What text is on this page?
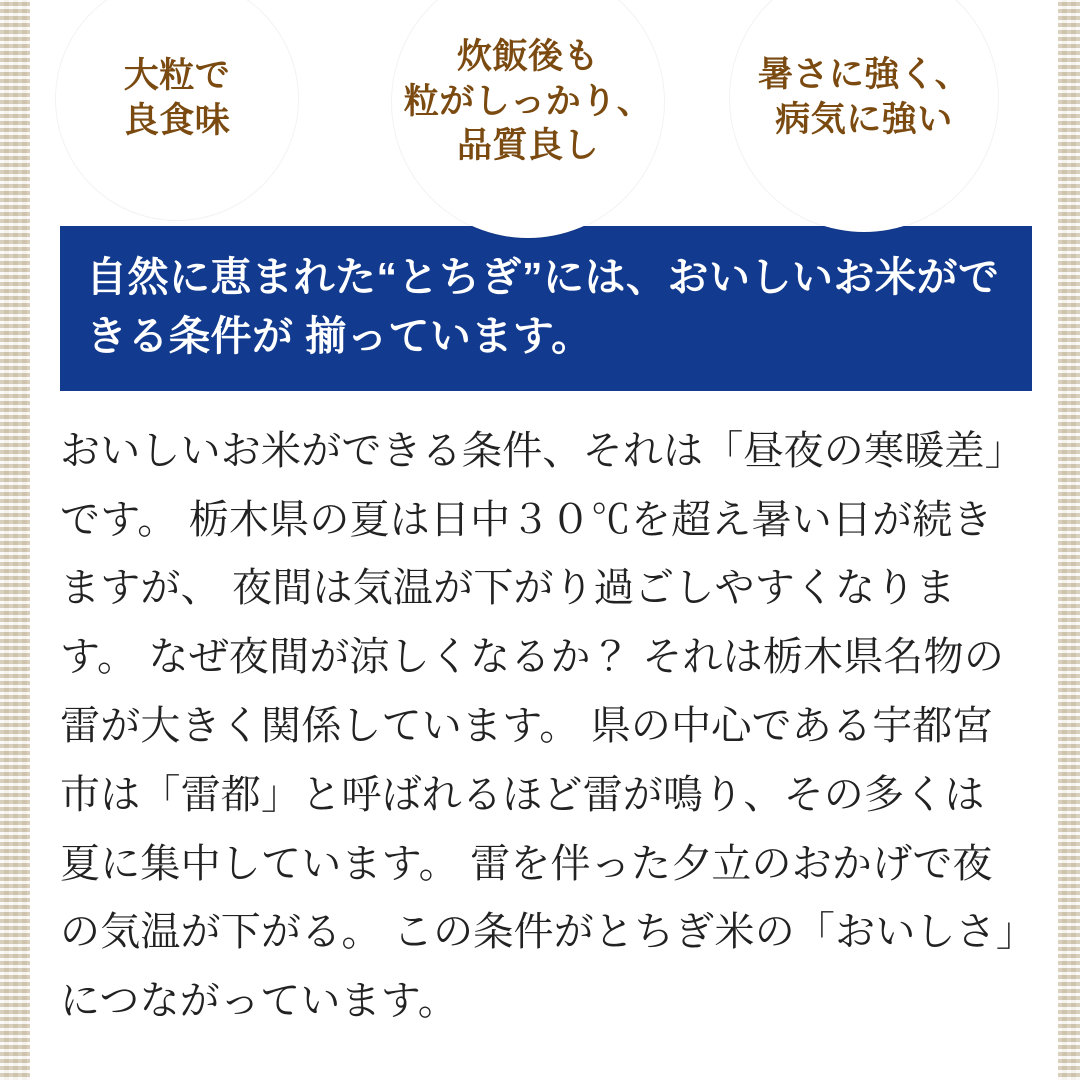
大粒で
良食味
炊飯後も
粒がしっかり、
品質良し
暑さに強く、
病気に強い
自然に恵まれた“とちぎ”には、おいしいお米ができる条件が 揃っています。
おいしいお米ができる条件、それは「昼夜の寒暖差」です。 栃木県の夏は日中３０℃を超え暑い日が続きますが、 夜間は気温が下がり過ごしやすくなります。 なぜ夜間が涼しくなるか？ それは栃木県名物の雷が大きく関係しています。 県の中心である宇都宮市は「雷都」と呼ばれるほど雷が鳴り、その多くは夏に集中しています。 雷を伴った夕立のおかげで夜の気温が下がる。 この条件がとちぎ米の「おいしさ」につながっています。
